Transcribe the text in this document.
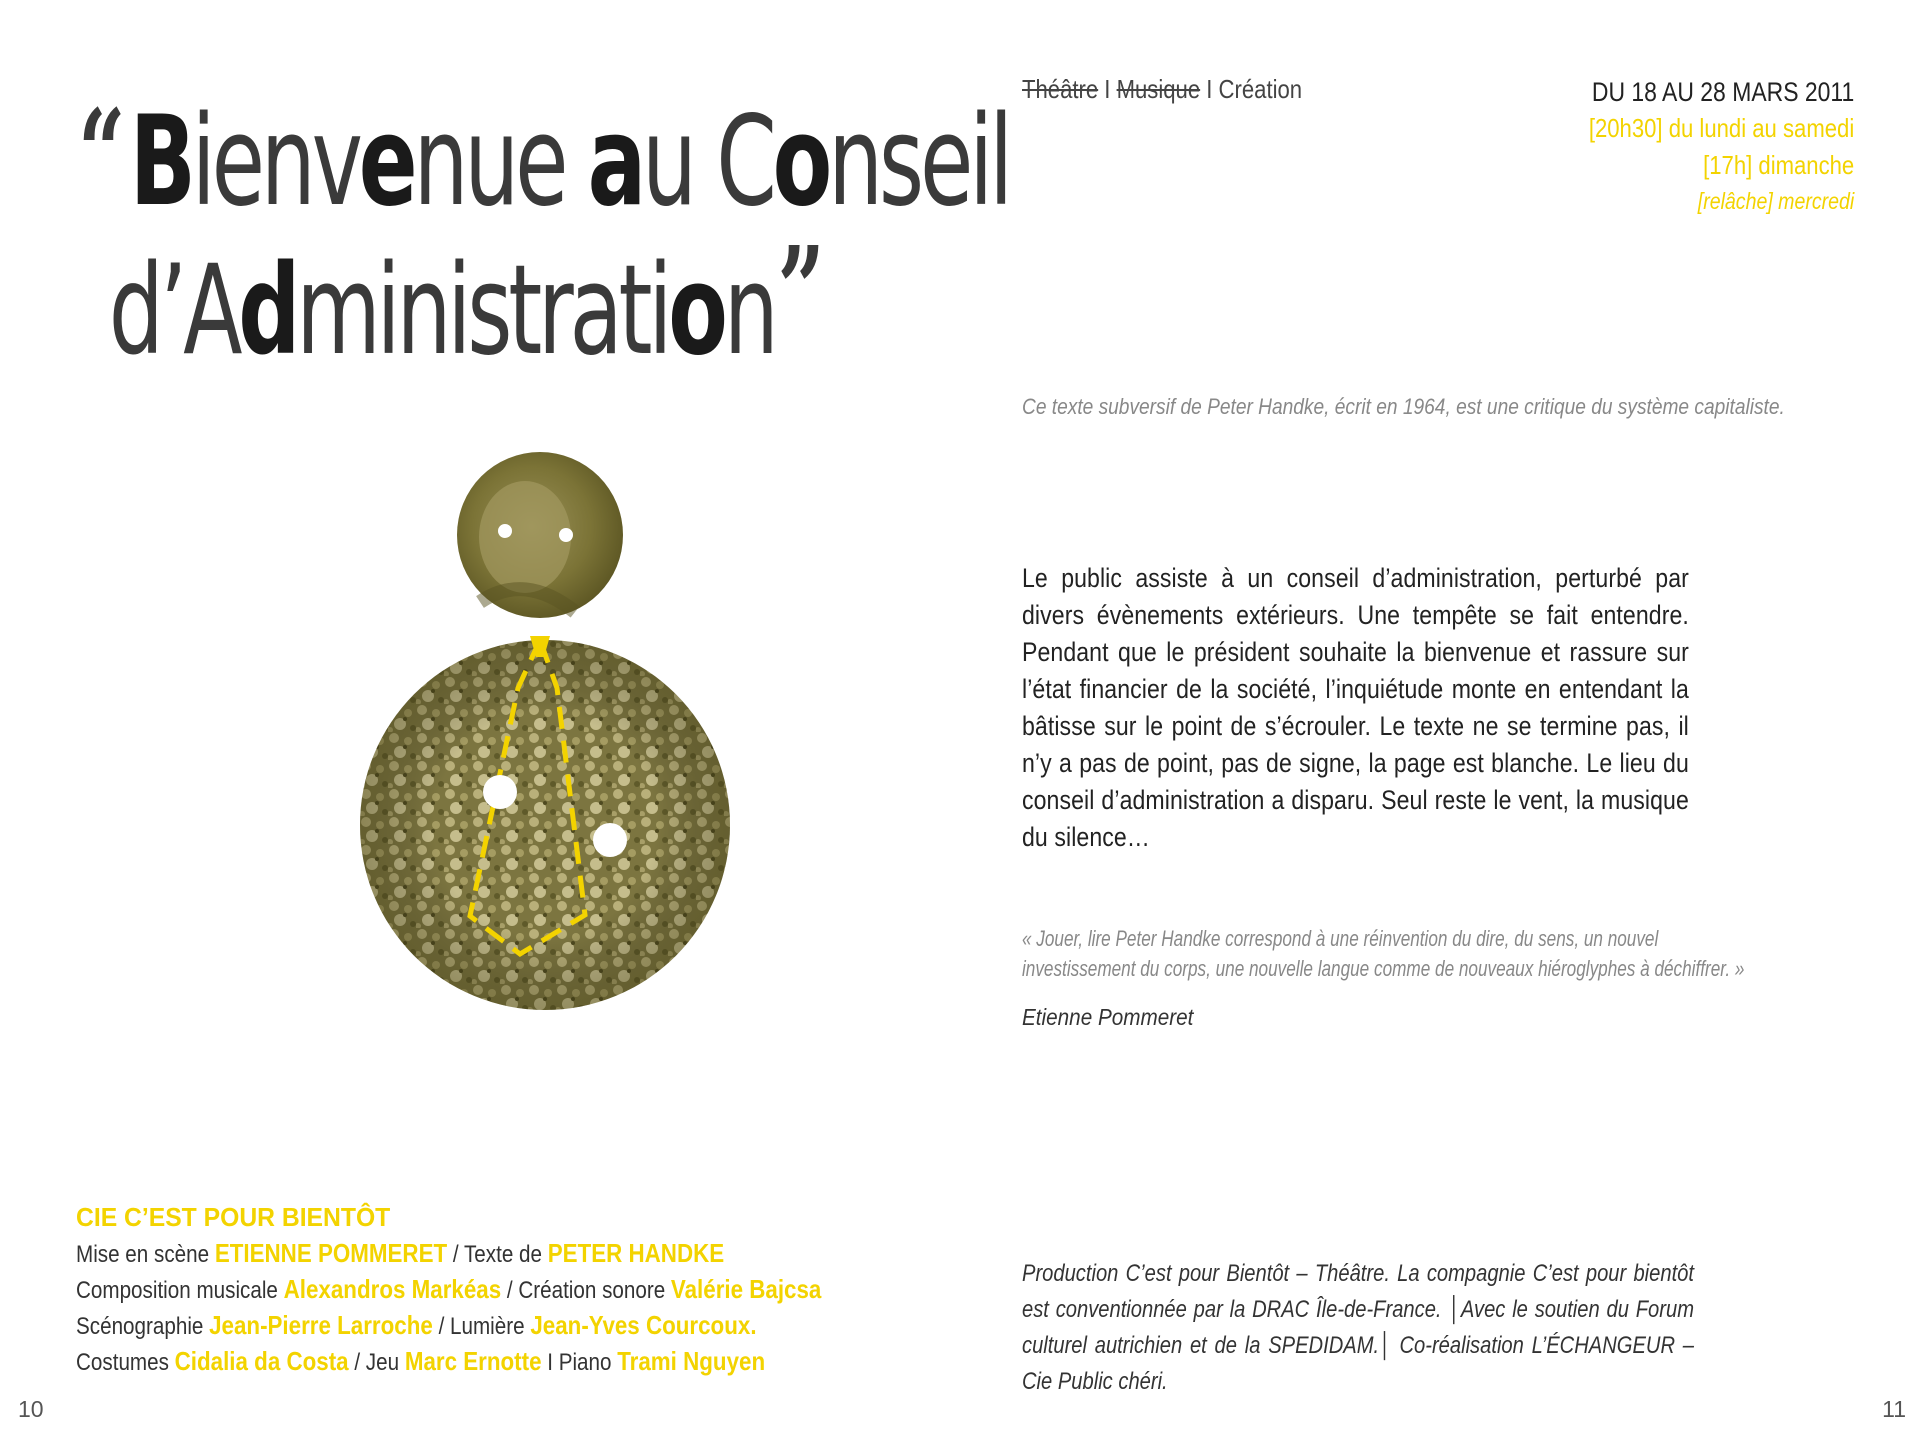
“Bienvenue au Conseil
d’Administration”
Théâtre I Musique I Création	DU 18 AU 28 MARS 2011
[20h30] du lundi au samedi
[17h] dimanche
[relâche] mercredi
Ce texte subversif de Peter Handke, écrit en 1964, est une critique du système capitaliste.
Le public assiste à un conseil d’administration, perturbé par divers évènements extérieurs. Une tempête se fait entendre. Pendant que le président souhaite la bienvenue et rassure sur l’état financier de la société, l’inquiétude monte en entendant la bâtisse sur le point de s’écrouler. Le texte ne se termine pas, il n’y a pas de point, pas de signe, la page est blanche. Le lieu du conseil d’administration a disparu. Seul reste le vent, la musique du silence…
« Jouer, lire Peter Handke correspond à une réinvention du dire, du sens, un nouvel investissement du corps, une nouvelle langue comme de nouveaux hiéroglyphes à déchiffrer. »
Etienne Pommeret
Production C’est pour Bientôt – Théâtre. La compagnie C’est pour bientôt est conventionnée par la DRAC Île-de-France. │Avec le soutien du Forum culturel autrichien et de la SPEDIDAM.│ Co-réalisation L’ÉCHANGEUR – Cie Public chéri.
CIE C’EST POUR BIENTÔT
Mise en scène ETIENNE POMMERET / Texte de PETER HANDKE
Composition musicale Alexandros Markéas / Création sonore Valérie Bajcsa
Scénographie Jean-Pierre Larroche / Lumière Jean-Yves Courcoux.
Costumes Cidalia da Costa / Jeu Marc Ernotte I Piano Trami Nguyen
10	11
